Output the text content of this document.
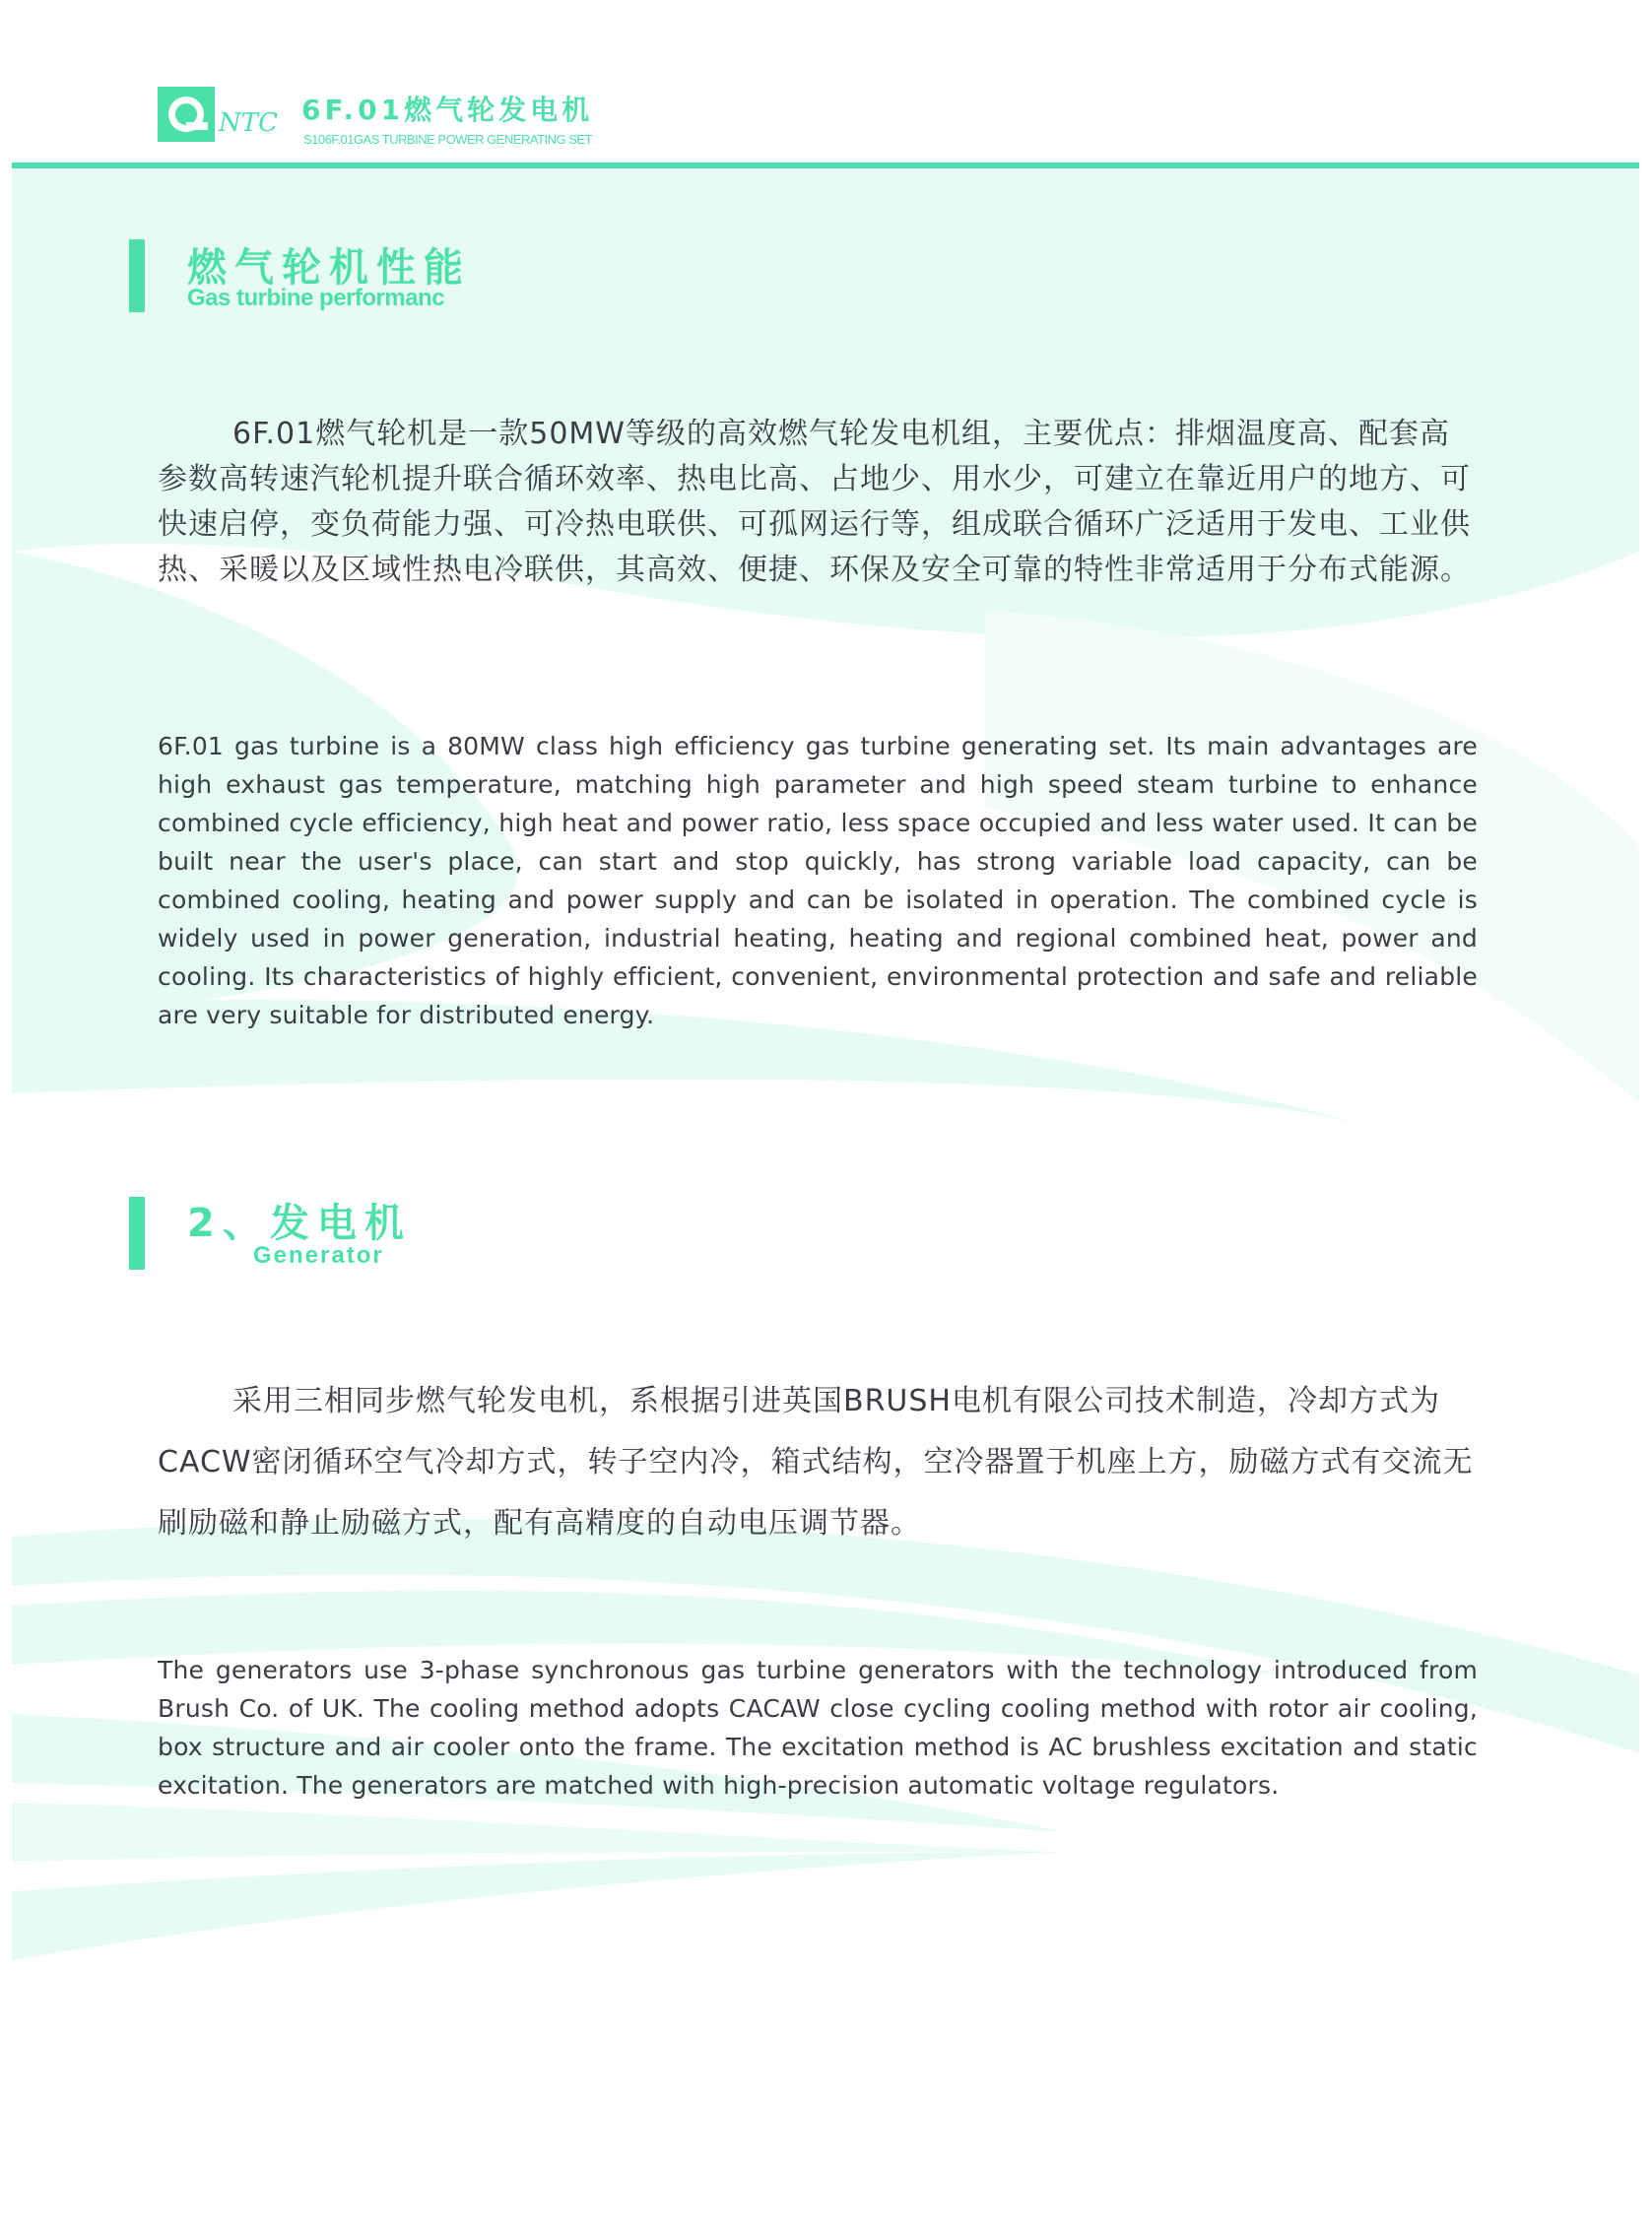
NTC 6F.01燃气轮发电机
S106F.01GAS TURBINE POWER GENERATING SET
燃气轮机性能
Gas turbine performanc
6F.01燃气轮机是一款50MW等级的高效燃气轮发电机组，主要优点：排烟温度高、配套高参数高转速汽轮机提升联合循环效率、热电比高、占地少、用水少，可建立在靠近用户的地方、可快速启停，变负荷能力强、可冷热电联供、可孤网运行等，组成联合循环广泛适用于发电、工业供热、采暖以及区域性热电冷联供，其高效、便捷、环保及安全可靠的特性非常适用于分布式能源。
6F.01 gas turbine is a 80MW class high efficiency gas turbine generating set. Its main advantages are high exhaust gas temperature, matching high parameter and high speed steam turbine to enhance combined cycle efficiency, high heat and power ratio, less space occupied and less water used. It can be built near the user's place, can start and stop quickly, has strong variable load capacity, can be combined cooling, heating and power supply and can be isolated in operation. The combined cycle is widely used in power generation, industrial heating, heating and regional combined heat, power and cooling. Its characteristics of highly efficient, convenient, environmental protection and safe and reliable are very suitable for distributed energy.
2、发电机
Generator
采用三相同步燃气轮发电机，系根据引进英国BRUSH电机有限公司技术制造，冷却方式为CACW密闭循环空气冷却方式，转子空内冷，箱式结构，空冷器置于机座上方，励磁方式有交流无刷励磁和静止励磁方式，配有高精度的自动电压调节器。
The generators use 3-phase synchronous gas turbine generators with the technology introduced from Brush Co. of UK. The cooling method adopts CACAW close cycling cooling method with rotor air cooling, box structure and air cooler onto the frame. The excitation method is AC brushless excitation and static excitation. The generators are matched with high-precision automatic voltage regulators.
